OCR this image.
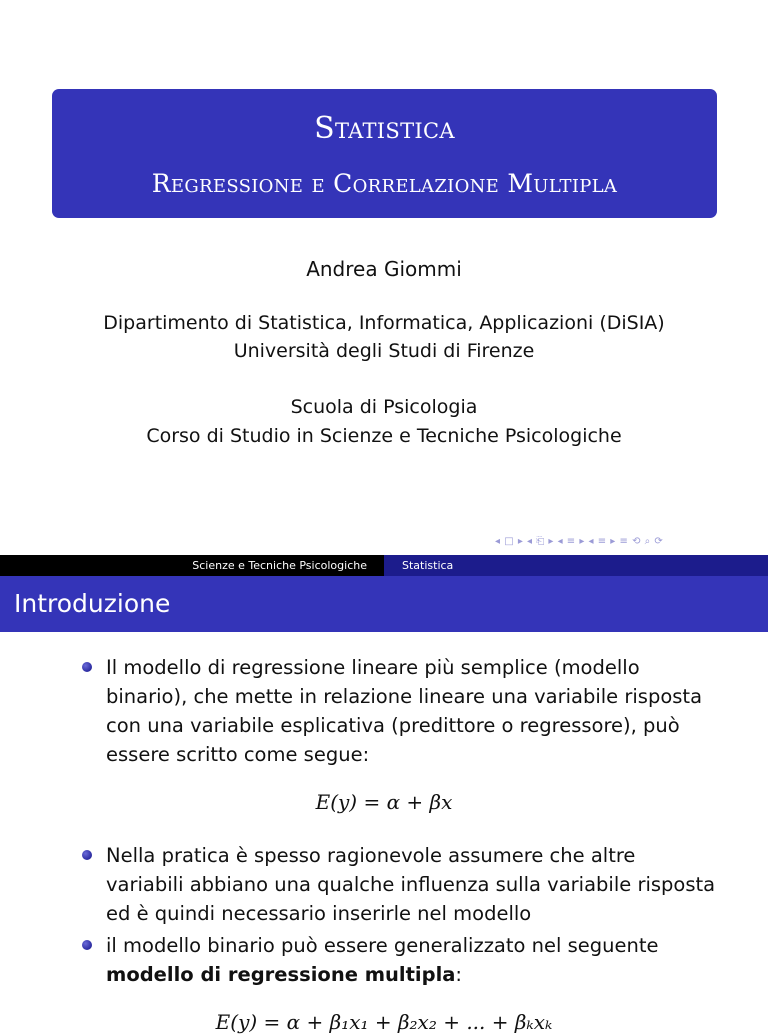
Statistica
Regressione e Correlazione Multipla
Andrea Giommi
Dipartimento di Statistica, Informatica, Applicazioni (DiSIA)
Università degli Studi di Firenze
Scuola di Psicologia
Corso di Studio in Scienze e Tecniche Psicologiche
◂ □ ▸ ◂ ⎗ ▸ ◂ ≡ ▸ ◂ ≡ ▸ ≡ ⟲ ⌕ ⟳
Scienze e Tecniche Psicologiche	Statistica
Introduzione
Il modello di regressione lineare più semplice (modello binario), che mette in relazione lineare una variabile risposta con una variabile esplicativa (predittore o regressore), può essere scritto come segue:
E(y) = α + βx
Nella pratica è spesso ragionevole assumere che altre variabili abbiano una qualche influenza sulla variabile risposta ed è quindi necessario inserirle nel modello
il modello binario può essere generalizzato nel seguente modello di regressione multipla:
E(y) = α + β₁x₁ + β₂x₂ + ... + βₖxₖ
